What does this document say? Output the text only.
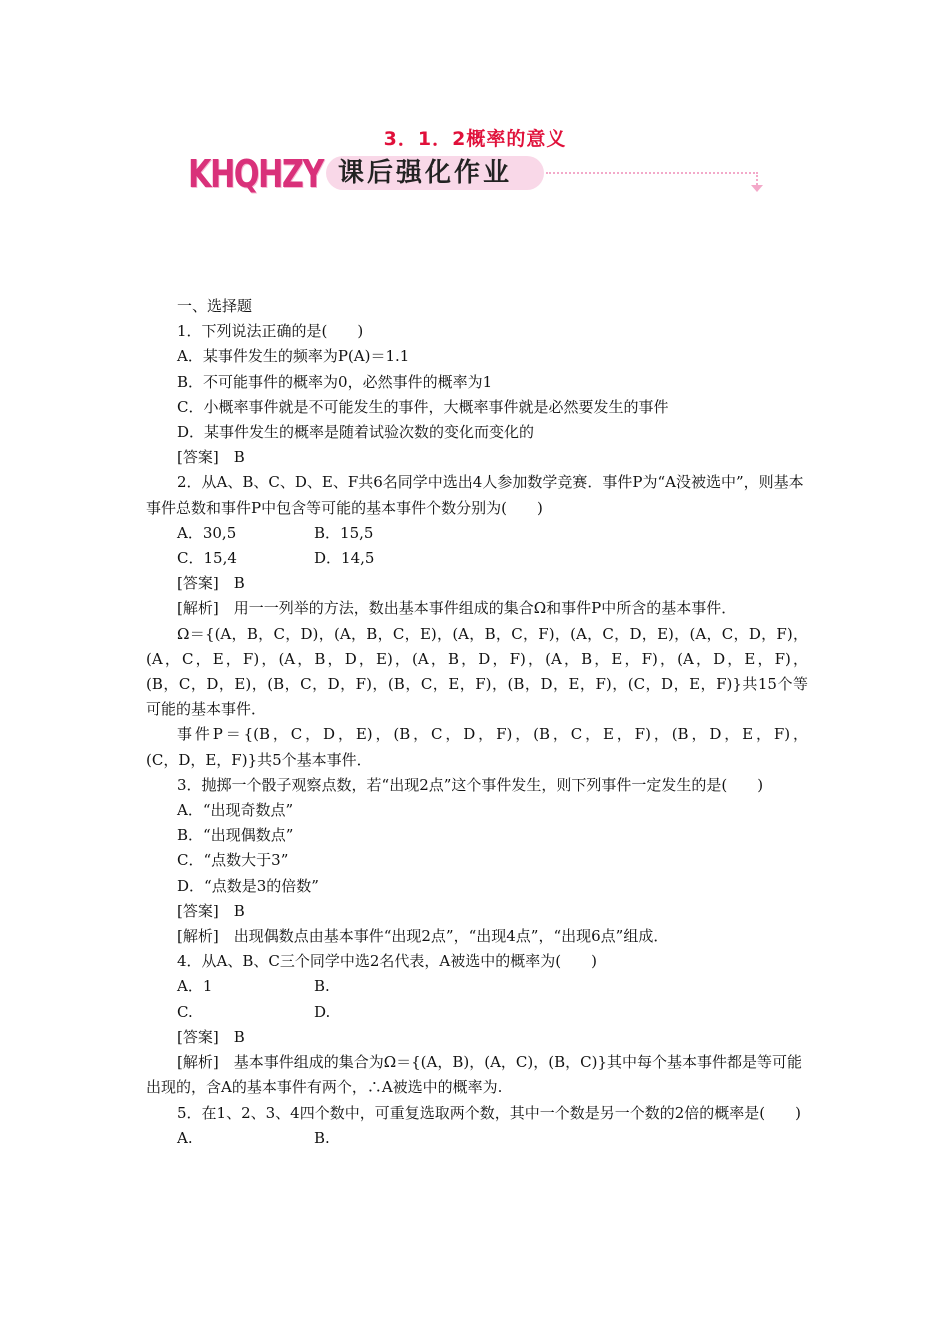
3．1．2概率的意义
KHQHZY 课后强化作业

一、选择题

1．下列说法正确的是(　　)

A．某事件发生的频率为P(A)＝1.1

B．不可能事件的概率为0，必然事件的概率为1

C．小概率事件就是不可能发生的事件，大概率事件就是必然要发生的事件

D．某事件发生的概率是随着试验次数的变化而变化的

[答案]　B

2．从A、B、C、D、E、F共6名同学中选出4人参加数学竞赛．事件P为“A没被选中”，则基本事件总数和事件P中包含等可能的基本事件个数分别为(　　)

A．30,5	B．15,5
C．15,4	D．14,5

[答案]　B

[解析]　用一一列举的方法，数出基本事件组成的集合Ω和事件P中所含的基本事件．

Ω＝{(A，B，C，D)，(A，B，C，E)，(A，B，C，F)，(A，C，D，E)，(A，C，D，F)，

(A，C，E，F)，(A，B，D，E)，(A，B，D，F)，(A，B，E，F)，(A，D，E，F)，

(B，C，D，E)，(B，C，D，F)，(B，C，E，F)，(B，D，E，F)，(C，D，E，F)}共15个等

可能的基本事件．

事件P＝{(B，C，D，E)，(B，C，D，F)，(B，C，E，F)，(B，D，E，F)，

(C，D，E，F)}共5个基本事件．

3．抛掷一个骰子观察点数，若“出现2点”这个事件发生，则下列事件一定发生的是(　　)

A．“出现奇数点”

B．“出现偶数点”

C．“点数大于3”

D．“点数是3的倍数”

[答案]　B

[解析]　出现偶数点由基本事件“出现2点”，“出现4点”，“出现6点”组成．

4．从A、B、C三个同学中选2名代表，A被选中的概率为(　　)

A．1	B.
C.	D.

[答案]　B

[解析]　基本事件组成的集合为Ω＝{(A，B)，(A，C)，(B，C)}其中每个基本事件都是等可能出现的，含A的基本事件有两个，∴A被选中的概率为.

5．在1、2、3、4四个数中，可重复选取两个数，其中一个数是另一个数的2倍的概率是(　　)

A.	B.
